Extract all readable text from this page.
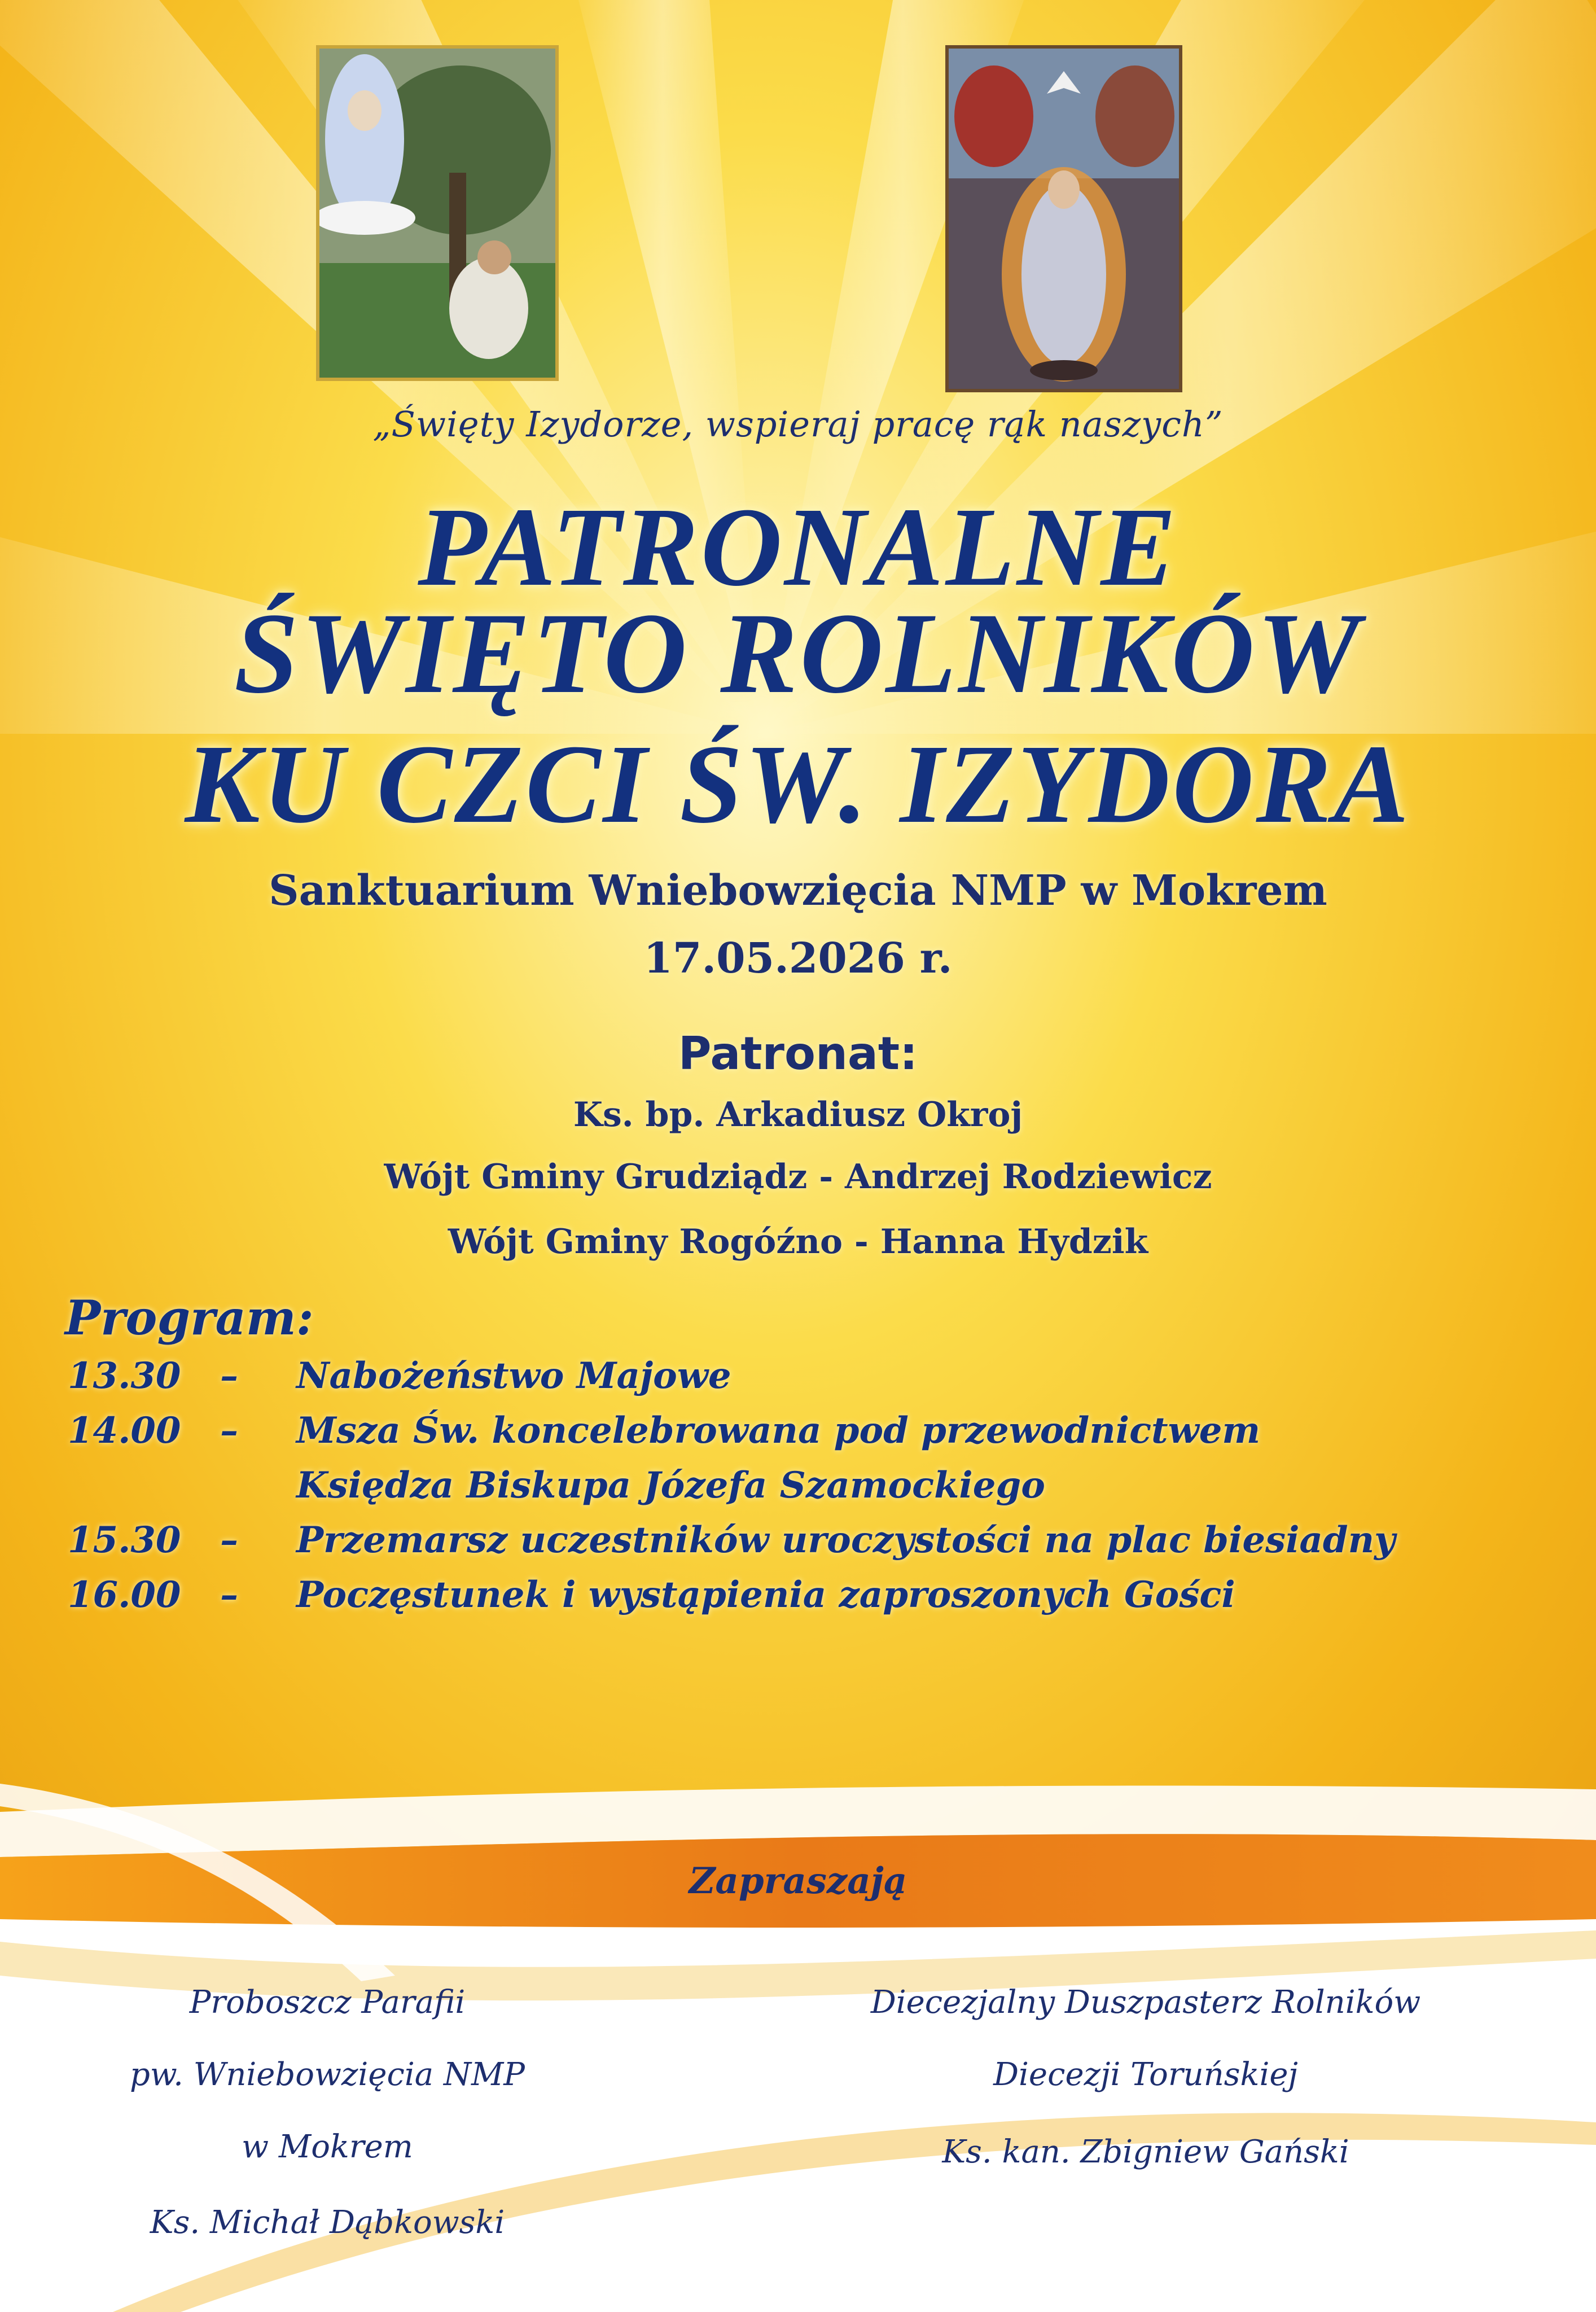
„Święty Izydorze, wspieraj pracę rąk naszych”
PATRONALNE
ŚWIĘTO ROLNIKÓW
KU CZCI ŚW. IZYDORA
Sanktuarium Wniebowzięcia NMP w Mokrem
17.05.2026 r.
Patronat:
Ks. bp. Arkadiusz Okroj
Wójt Gminy Grudziądz - Andrzej Rodziewicz
Wójt Gminy Rogóźno - Hanna Hydzik
Program:
13.30 – Nabożeństwo Majowe
14.00 – Msza Św. koncelebrowana pod przewodnictwem
Księdza Biskupa Józefa Szamockiego
15.30 – Przemarsz uczestników uroczystości na plac biesiadny
16.00 – Poczęstunek i wystąpienia zaproszonych Gości
Zapraszają
Proboszcz Parafii
pw. Wniebowzięcia NMP
w Mokrem
Ks. Michał Dąbkowski
Diecezjalny Duszpasterz Rolników
Diecezji Toruńskiej
Ks. kan. Zbigniew Gański
